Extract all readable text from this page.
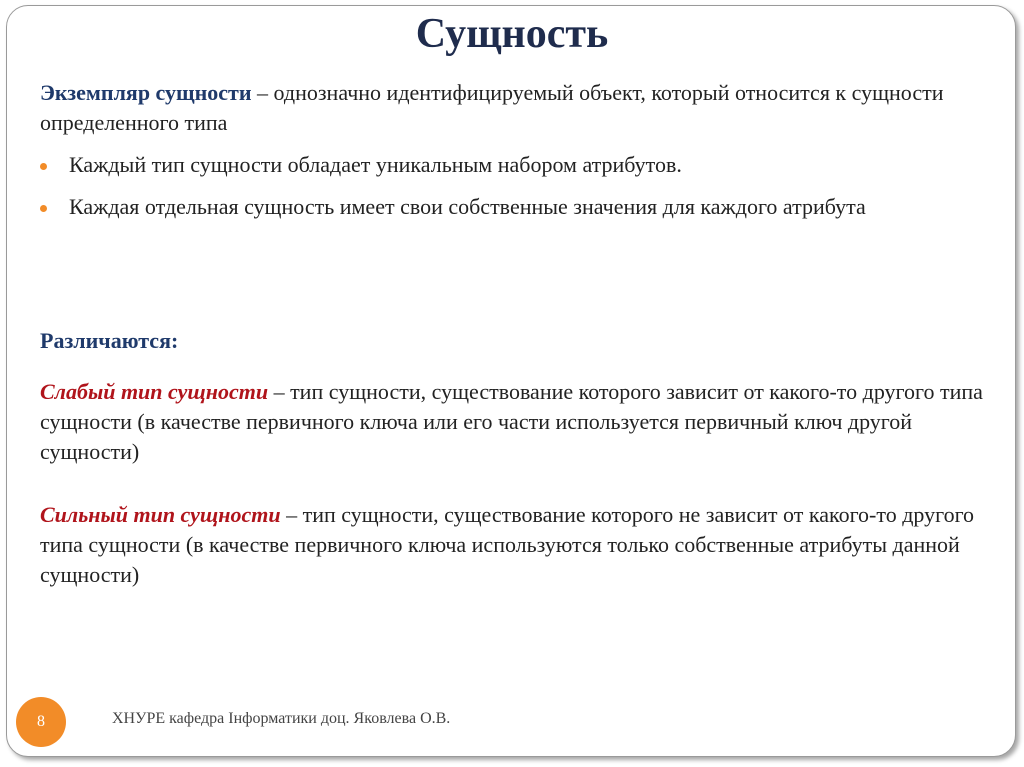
Сущность
Экземпляр сущности – однозначно идентифицируемый объект, который относится к сущности определенного типа
Каждый тип сущности обладает уникальным набором атрибутов.
Каждая отдельная сущность имеет свои собственные значения для каждого атрибута
Различаются:
Слабый тип сущности – тип сущности, существование которого зависит от какого-то другого типа сущности (в качестве первичного ключа или его части используется первичный ключ другой сущности)
Сильный тип сущности – тип сущности, существование которого не зависит от какого-то другого типа сущности (в качестве первичного ключа используются только собственные атрибуты данной сущности)
8	ХНУРЕ кафедра Інформатики доц. Яковлева О.В.
